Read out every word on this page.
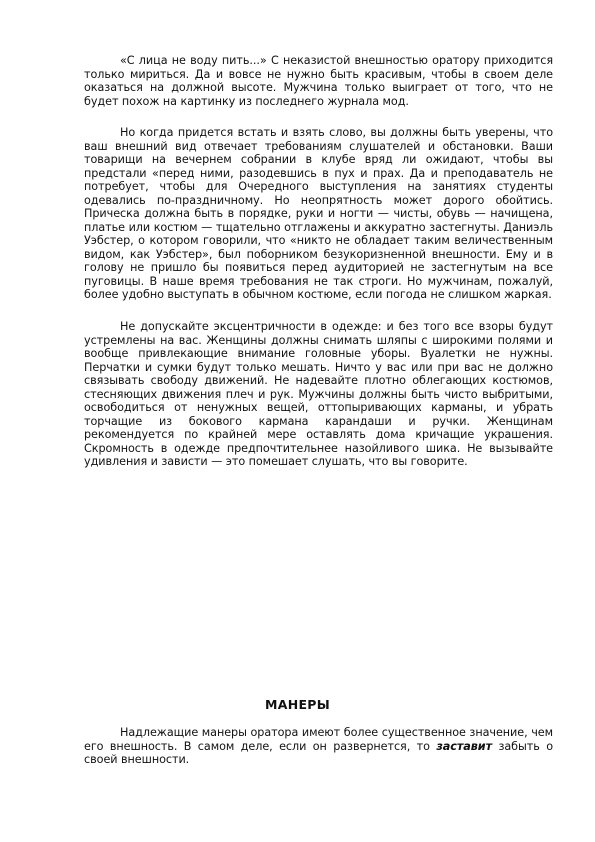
«С лица не воду пить...» С неказистой внешностью оратору приходится только мириться. Да и вовсе не нужно быть красивым, чтобы в своем деле оказаться на должной высоте. Мужчина только выиграет от того, что не будет похож на картинку из последнего журнала мод.

Но когда придется встать и взять слово, вы должны быть уверены, что ваш внешний вид отвечает требованиям слушателей и обстановки. Ваши товарищи на вечернем собрании в клубе вряд ли ожидают, чтобы вы предстали «перед ними, разодевшись в пух и прах. Да и преподаватель не потребует, чтобы для Очередного выступления на занятиях студенты одевались по-праздничному. Но неопрятность может дорого обойтись. Прическа должна быть в порядке, руки и ногти — чисты, обувь — начищена, платье или костюм — тщательно отглажены и аккуратно застегнуты. Даниэль Уэбстер, о котором говорили, что «никто не обладает таким величественным видом, как Уэбстер», был поборником безукоризненной внешности. Ему и в голову не пришло бы появиться перед аудиторией не застегнутым на все пуговицы. В наше время требования не так строги. Но мужчинам, пожалуй, более удобно выступать в обычном костюме, если погода не слишком жаркая.

Не допускайте эксцентричности в одежде: и без того все взоры будут устремлены на вас. Женщины должны снимать шляпы с широкими полями и вообще привлекающие внимание головные уборы. Вуалетки не нужны. Перчатки и сумки будут только мешать. Ничто у вас или при вас не должно связывать свободу движений. Не надевайте плотно облегающих костюмов, стесняющих движения плеч и рук. Мужчины должны быть чисто выбритыми, освободиться от ненужных вещей, оттопыривающих карманы, и убрать торчащие из бокового кармана карандаши и ручки. Женщинам рекомендуется по крайней мере оставлять дома кричащие украшения. Скромность в одежде предпочтительнее назойливого шика. Не вызывайте удивления и зависти — это помешает слушать, что вы говорите.

МАНЕРЫ

Надлежащие манеры оратора имеют более существенное значение, чем его внешность. В самом деле, если он развернется, то заставит забыть о своей внешности.
